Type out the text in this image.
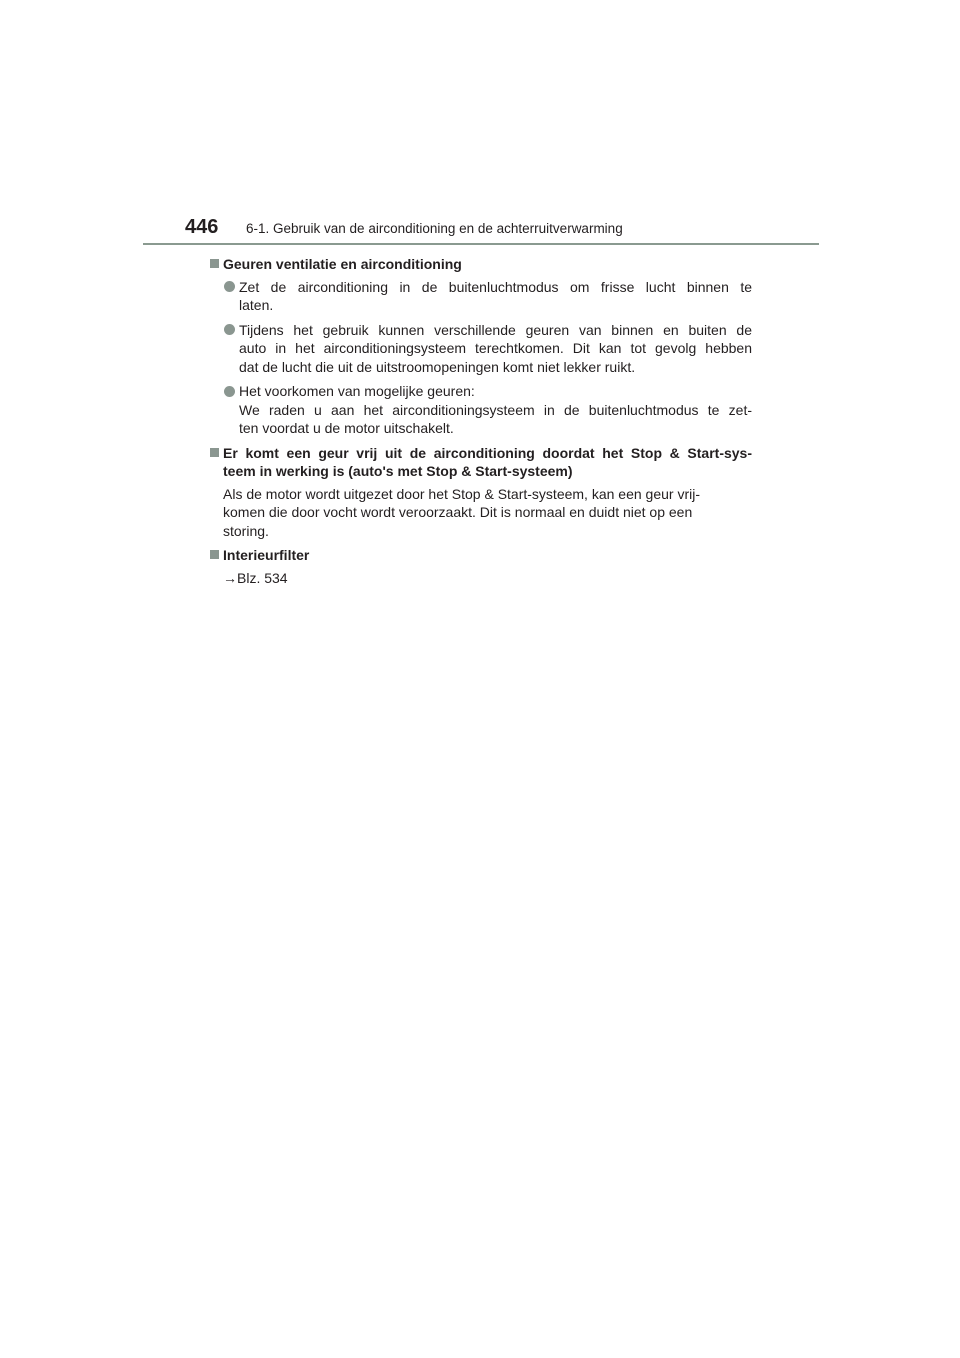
446 6-1. Gebruik van de airconditioning en de achterruitverwarming
Geuren ventilatie en airconditioning
Zet de airconditioning in de buitenluchtmodus om frisse lucht binnen te
laten.
Tijdens het gebruik kunnen verschillende geuren van binnen en buiten de
auto in het airconditioningsysteem terechtkomen. Dit kan tot gevolg hebben
dat de lucht die uit de uitstroomopeningen komt niet lekker ruikt.
Het voorkomen van mogelijke geuren:
We raden u aan het airconditioningsysteem in de buitenluchtmodus te zet-
ten voordat u de motor uitschakelt.
Er komt een geur vrij uit de airconditioning doordat het Stop & Start-sys-
teem in werking is (auto's met Stop & Start-systeem)
Als de motor wordt uitgezet door het Stop & Start-systeem, kan een geur vrij-
komen die door vocht wordt veroorzaakt. Dit is normaal en duidt niet op een
storing.
Interieurfilter
→Blz. 534
